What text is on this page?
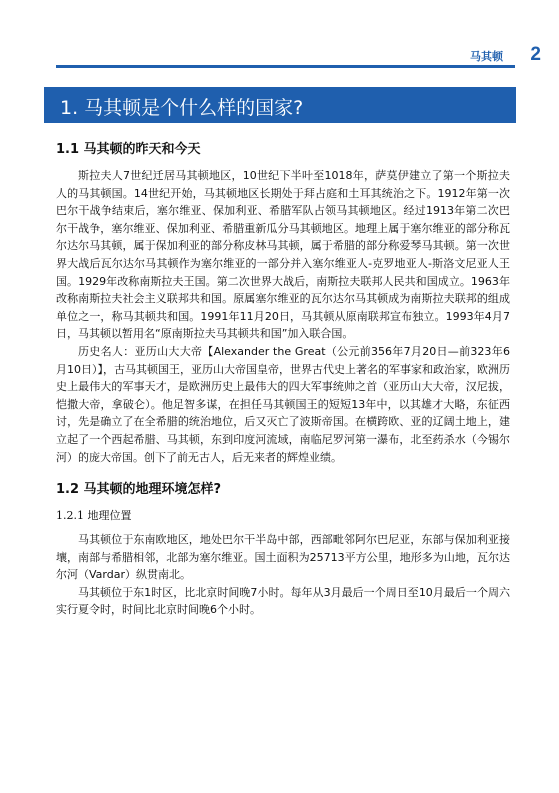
马其顿 2
1. 马其顿是个什么样的国家?
1.1 马其顿的昨天和今天

斯拉夫人7世纪迁居马其顿地区，10世纪下半叶至1018年，萨莫伊建立了第一个斯拉夫人的马其顿国。14世纪开始，马其顿地区长期处于拜占庭和土耳其统治之下。1912年第一次巴尔干战争结束后，塞尔维亚、保加利亚、希腊军队占领马其顿地区。经过1913年第二次巴尔干战争，塞尔维亚、保加利亚、希腊重新瓜分马其顿地区。地理上属于塞尔维亚的部分称瓦尔达尔马其顿，属于保加利亚的部分称皮林马其顿，属于希腊的部分称爱琴马其顿。第一次世界大战后瓦尔达尔马其顿作为塞尔维亚的一部分并入塞尔维亚人-克罗地亚人-斯洛文尼亚人王国。1929年改称南斯拉夫王国。第二次世界大战后，南斯拉夫联邦人民共和国成立。1963年改称南斯拉夫社会主义联邦共和国。原属塞尔维亚的瓦尔达尔马其顿成为南斯拉夫联邦的组成单位之一，称马其顿共和国。1991年11月20日，马其顿从原南联邦宣布独立。1993年4月7日，马其顿以暂用名“原南斯拉夫马其顿共和国”加入联合国。

历史名人：亚历山大大帝【Alexander the Great（公元前356年7月20日—前323年6月10日）】，古马其顿国王，亚历山大帝国皇帝，世界古代史上著名的军事家和政治家，欧洲历史上最伟大的军事天才，是欧洲历史上最伟大的四大军事统帅之首（亚历山大大帝，汉尼拔，恺撒大帝，拿破仑）。他足智多谋，在担任马其顿国王的短短13年中，以其雄才大略，东征西讨，先是确立了在全希腊的统治地位，后又灭亡了波斯帝国。在横跨欧、亚的辽阔土地上，建立起了一个西起希腊、马其顿，东到印度河流域，南临尼罗河第一瀑布，北至药杀水（今锡尔河）的庞大帝国。创下了前无古人，后无来者的辉煌业绩。

1.2 马其顿的地理环境怎样?
1.2.1 地理位置

马其顿位于东南欧地区，地处巴尔干半岛中部，西部毗邻阿尔巴尼亚，东部与保加利亚接壤，南部与希腊相邻，北部为塞尔维亚。国土面积为25713平方公里，地形多为山地，瓦尔达尔河（Vardar）纵贯南北。

马其顿位于东1时区，比北京时间晚7小时。每年从3月最后一个周日至10月最后一个周六实行夏令时，时间比北京时间晚6个小时。
